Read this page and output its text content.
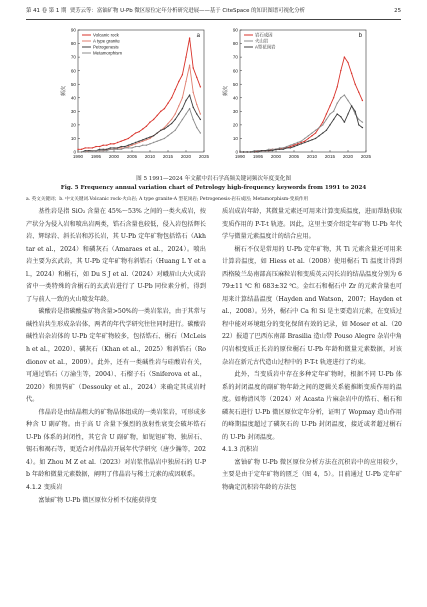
第 41 卷 第 1 期 贾芳云等：富铀矿物 U-Pb 微区原位定年分析研究进展——基于 CiteSpace 的知识图谱可视化分析	25
0
10
20
30
40
50
60
70
80
90
1990 1995 2000 2005 2010 2015 2020 2025
频次
Volcanic rock
A type granite
Petrogenesis
Metamorphism
a
0
10
20
30
40
50
60
70
80
90
1990 1995 2000 2005 2010 2015 2020 2025
频次
岩石成因
火山岩
A型花岗岩
b
图 5 1991—2024 年文献中岩石学高频关键词频次年度变化图
Fig. 5 Frequency annual variation chart of Petrology high-frequency keywords from 1991 to 2024
a. 英文关键词；b. 中文关键词.Volcanic rock-火山岩; A type granite-A 型花岗岩; Petrogenesis-岩石成因; Metamorphism-变质作用

基性岩是指 SiO₂ 含量在 45%～53% 之间的一类火成岩，按产状分为侵入岩和喷出岩两类，锆石含量也较低，侵入岩包括辉长岩、辉绿岩、斜长岩和苏长岩，其 U-Pb 定年矿物包括锆石（Akhtar et al.，2024）和磷灰石（Amaraes et al.，2024）。喷出岩主要为玄武岩，其 U-Pb 定年矿物有斜锆石（Huang L Y et al.，2024）和榍石，如 Du S J et al.（2024）对峨眉山大火成岩省中一类特殊的含榍石的玄武岩进行了 U-Pb 同位素分析，得到了与前人一致的火山喷发年龄。

碳酸岩是指碳酸盐矿物含量>50%的一类岩浆岩，由于其常与碱性岩共生形成杂岩体，两者的年代学研究往往同时进行。碳酸岩碱性岩杂岩体的 U-Pb 定年矿物较多，包括锆石、榍石（McLeish et al.，2020）、磷灰石（Khan et al.，2025）和斜锆石（Rodionov et al.，2009）。此外，还有一类碱性岩与硅酸岩有关，可通过锆石（万渝生等，2004）、石榴子石（Sniferova et al.，2020）和黑钨矿（Dessouky et al.，2024）来确定其成岩时代。

伟晶岩是由结晶粗大的矿物晶体组成的一类岩浆岩，可形成多种含 U 副矿物。由于高 U 含量下强烈的放射性衰变会破坏锆石 U-Pb 体系的封闭性，其它含 U 副矿物，如铌钽矿物、独居石、锡石和褐石等，更适合对伟晶岩开展年代学研究（唐少瀚等，2024）。如 Zhou M Z et al.（2023）对岩浆伟晶岩中独居石的 U-Pb 年龄和微量元素数据，阐明了伟晶岩与稀土元素的成因联系。

4.1.2 变质岩

富铀矿物 U-Pb 微区原位分析不仅能获得变

质岩成岩年龄，其微量元素还可用来计算变质温度，进而帮助获取变质作用的 P-T-t 轨迹。因此，这里主要介绍定年矿物 U-Pb 年代学与微量元素温度计的结合应用。

榍石不仅是常用的 U-Pb 定年矿物，其 Ti 元素含量还可用来计算岩温度，如 Hiess et al.（2008）使用榍石 Ti 温度计得到西格陵兰岛南部高压麻粒岩和变质英云闪长岩的结晶温度分别为 679±11 ℃ 和 683±32 ℃。金红石和榍石中 Zr 的元素含量也可用来计算结晶温度（Hayden and Watson，2007；Hayden et al.，2008）。另外，榍石中 Ca 和 Si 是主要造岩元素，在变质过程中能对环境组分的变化保留有效的记录，如 Moser et al.（2022）报道了巴西东南部 Brasilia 造山带 Pouso Alegre 杂岩中角闪岩相变质正长岩的原位榍石 U-Pb 年龄和微量元素数据，对该杂岩在新元古代造山过程中的 P-T-t 轨迹进行了约束。

此外，当变质岩中存在多种定年矿物时，根据不同 U-Pb 体系的封闭温度的副矿物年龄之间的逻辑关系能推断变质作用的温度。如梅清风等（2024）对 Acasta 片麻杂岩中的锆石、榍石和磷灰石进行 U-Pb 微区原位定年分析，证明了 Wopmay 造山作用的峰期温度超过了磷灰石的 U-Pb 封闭温度，接近或者超过榍石的 U-Pb 封闭温度。

4.1.3 沉积岩

富铀矿物 U-Pb 微区原位分析方法在沉积岩中的应用较少，主要是由于定年矿物的匮乏（图 4，5）。目前通过 U-Pb 定年矿物确定沉积岩年龄的方法包
